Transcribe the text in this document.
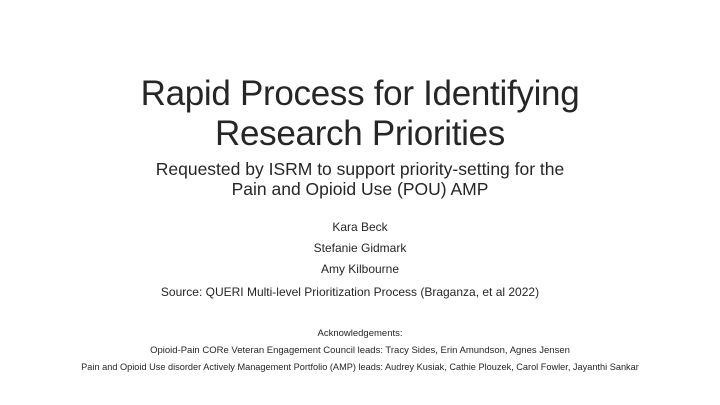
Rapid Process for Identifying
Research Priorities

Requested by ISRM to support priority-setting for the
Pain and Opioid Use (POU) AMP

Kara Beck
Stefanie Gidmark
Amy Kilbourne
Source: QUERI Multi-level Prioritization Process (Braganza, et al 2022)
Acknowledgements:
Opioid-Pain CORe Veteran Engagement Council leads: Tracy Sides, Erin Amundson, Agnes Jensen
Pain and Opioid Use disorder Actively Management Portfolio (AMP) leads: Audrey Kusiak, Cathie Plouzek, Carol Fowler, Jayanthi Sankar
